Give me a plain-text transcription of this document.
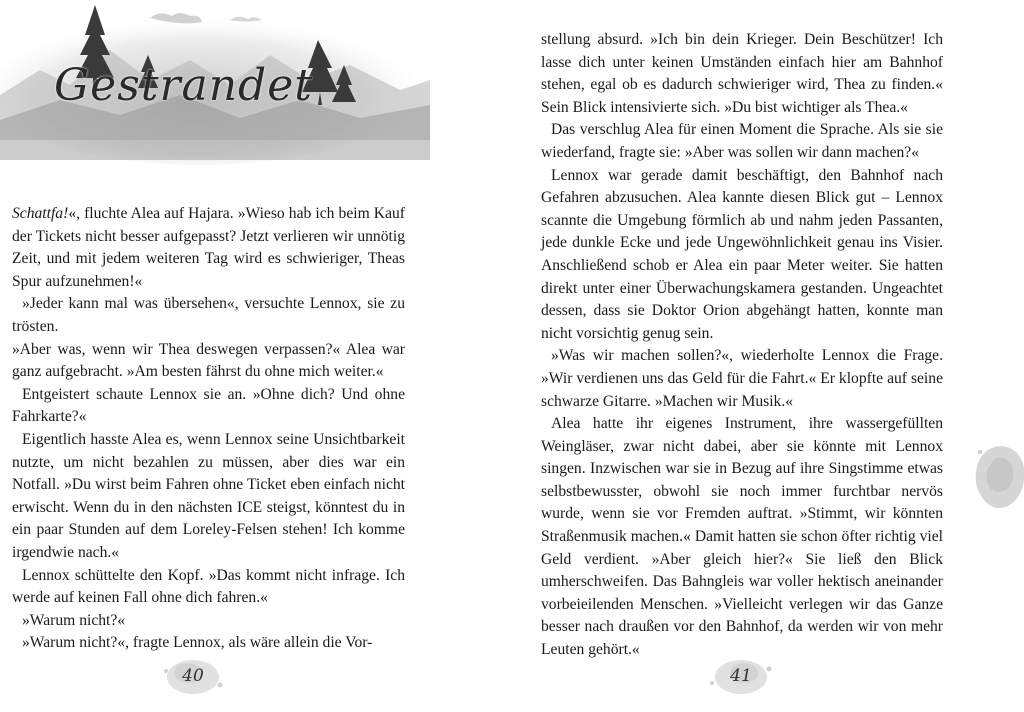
Gestrandet

Schattfa!«, fluchte Alea auf Hajara. »Wieso hab ich beim Kauf der Tickets nicht besser aufgepasst? Jetzt verlieren wir unnötig Zeit, und mit jedem weiteren Tag wird es schwieriger, Theas Spur aufzunehmen!«

»Jeder kann mal was übersehen«, versuchte Lennox, sie zu trösten.

»Aber was, wenn wir Thea deswegen verpassen?« Alea war ganz aufgebracht. »Am besten fährst du ohne mich weiter.«

Entgeistert schaute Lennox sie an. »Ohne dich? Und ohne Fahrkarte?«

Eigentlich hasste Alea es, wenn Lennox seine Unsichtbarkeit nutzte, um nicht bezahlen zu müssen, aber dies war ein Notfall. »Du wirst beim Fahren ohne Ticket eben einfach nicht erwischt. Wenn du in den nächsten ICE steigst, könntest du in ein paar Stunden auf dem Loreley-Felsen stehen! Ich komme irgendwie nach.«

Lennox schüttelte den Kopf. »Das kommt nicht infrage. Ich werde auf keinen Fall ohne dich fahren.«

»Warum nicht?«

»Warum nicht?«, fragte Lennox, als wäre allein die Vor-

40

stellung absurd. »Ich bin dein Krieger. Dein Beschützer! Ich lasse dich unter keinen Umständen einfach hier am Bahnhof stehen, egal ob es dadurch schwieriger wird, Thea zu finden.« Sein Blick intensivierte sich. »Du bist wichtiger als Thea.«

Das verschlug Alea für einen Moment die Sprache. Als sie sie wiederfand, fragte sie: »Aber was sollen wir dann machen?«

Lennox war gerade damit beschäftigt, den Bahnhof nach Gefahren abzusuchen. Alea kannte diesen Blick gut – Lennox scannte die Umgebung förmlich ab und nahm jeden Passanten, jede dunkle Ecke und jede Ungewöhnlichkeit genau ins Visier. Anschließend schob er Alea ein paar Meter weiter. Sie hatten direkt unter einer Überwachungskamera gestanden. Ungeachtet dessen, dass sie Doktor Orion abgehängt hatten, konnte man nicht vorsichtig genug sein.

»Was wir machen sollen?«, wiederholte Lennox die Frage. »Wir verdienen uns das Geld für die Fahrt.« Er klopfte auf seine schwarze Gitarre. »Machen wir Musik.«

Alea hatte ihr eigenes Instrument, ihre wassergefüllten Weingläser, zwar nicht dabei, aber sie könnte mit Lennox singen. Inzwischen war sie in Bezug auf ihre Singstimme etwas selbstbewusster, obwohl sie noch immer furchtbar nervös wurde, wenn sie vor Fremden auftrat. »Stimmt, wir könnten Straßenmusik machen.« Damit hatten sie schon öfter richtig viel Geld verdient. »Aber gleich hier?« Sie ließ den Blick umherschweifen. Das Bahngleis war voller hektisch aneinander vorbeieilenden Menschen. »Vielleicht verlegen wir das Ganze besser nach draußen vor den Bahnhof, da werden wir von mehr Leuten gehört.«

41
